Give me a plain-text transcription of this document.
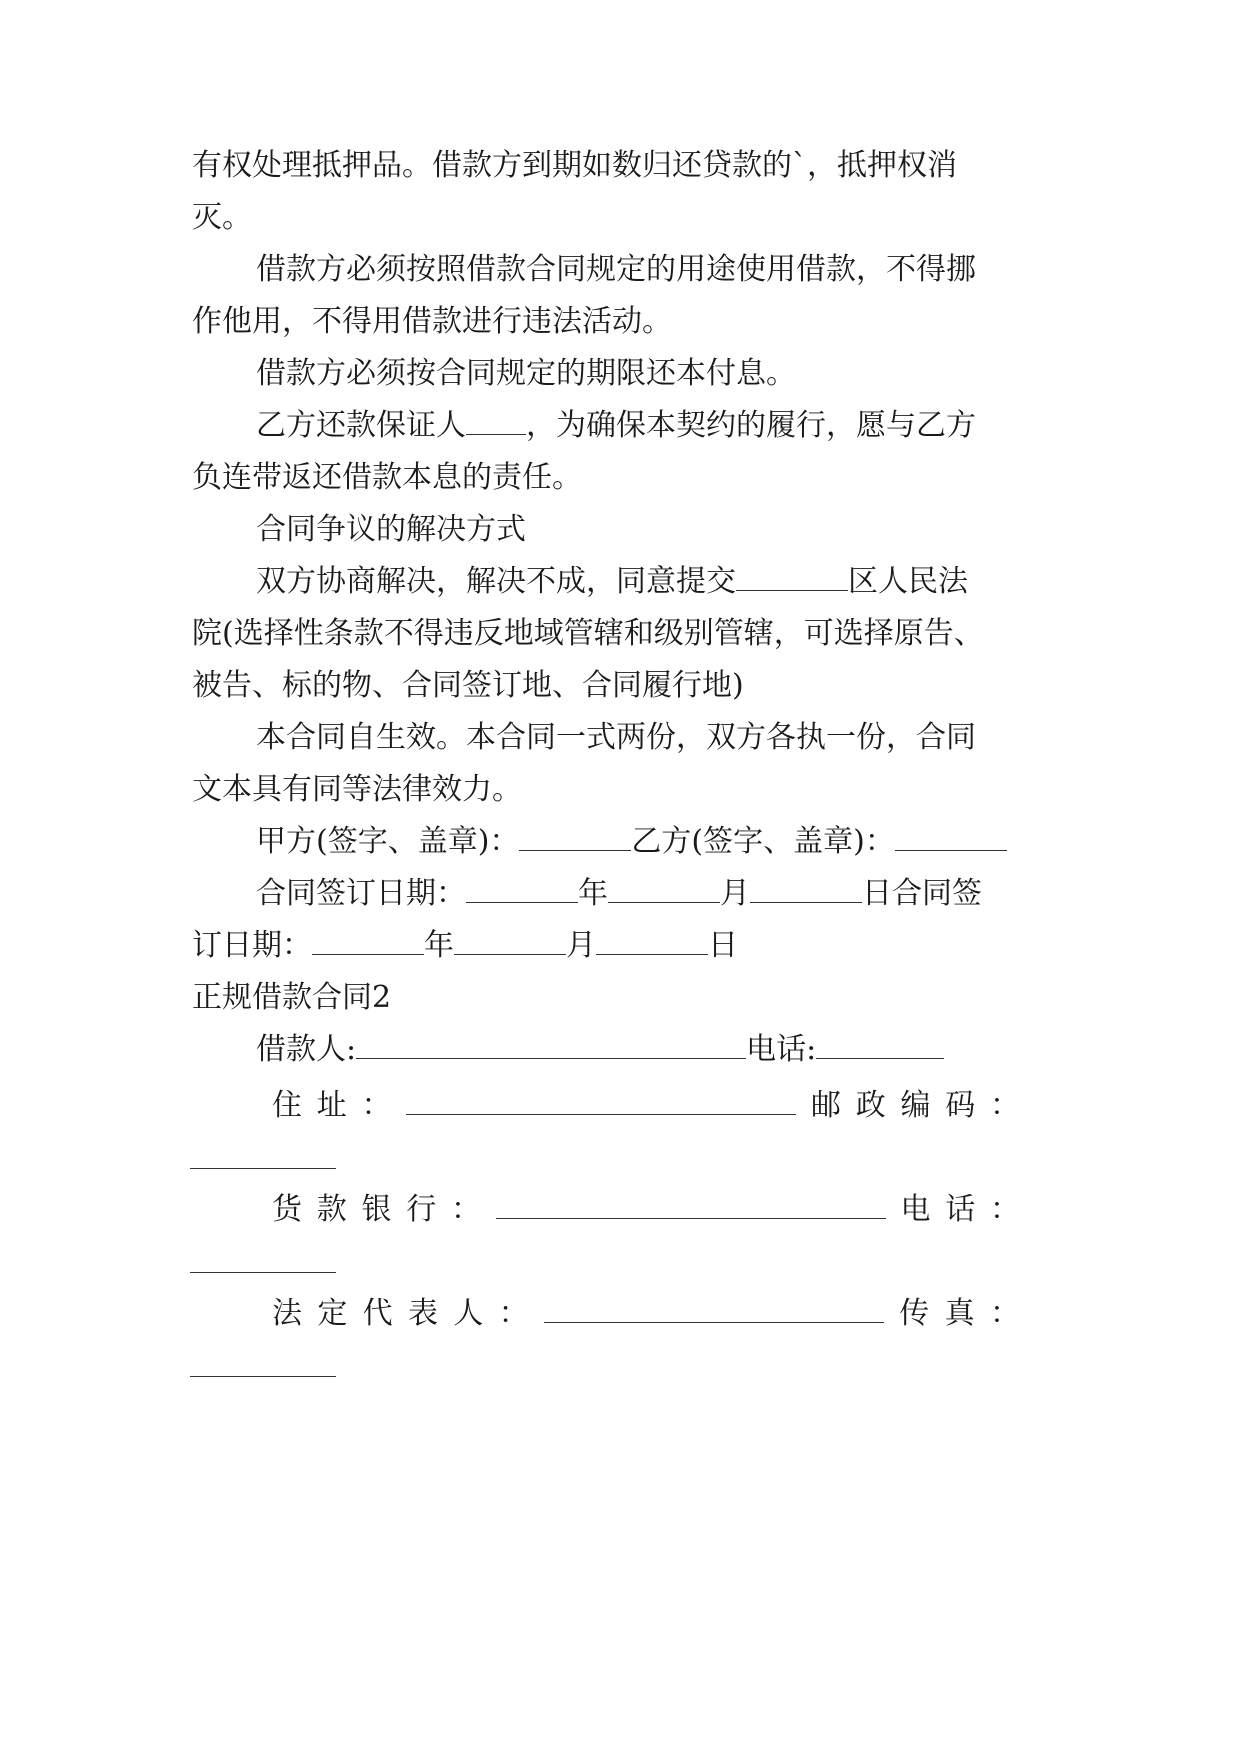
有权处理抵押品。借款方到期如数归还贷款的`，抵押权消
灭。
借款方必须按照借款合同规定的用途使用借款，不得挪
作他用，不得用借款进行违法活动。
借款方必须按合同规定的期限还本付息。
乙方还款保证人 ，为确保本契约的履行，愿与乙方
负连带返还借款本息的责任。
合同争议的解决方式
双方协商解决，解决不成，同意提交	区人民法
院(选择性条款不得违反地域管辖和级别管辖，可选择原告、
被告、标的物、合同签订地、合同履行地)
本合同自生效。本合同一式两份，双方各执一份，合同
文本具有同等法律效力。
甲方(签字、盖章)：	乙方(签字、盖章)：
合同签订日期：	年	月	日合同签
订日期：	年	月	日
正规借款合同2
借款人:	电话:
住 址 ：	邮 政 编 码 ：
货 款 银 行 ：	电 话 ：
法 定 代 表 人 ：	传 真 ：
